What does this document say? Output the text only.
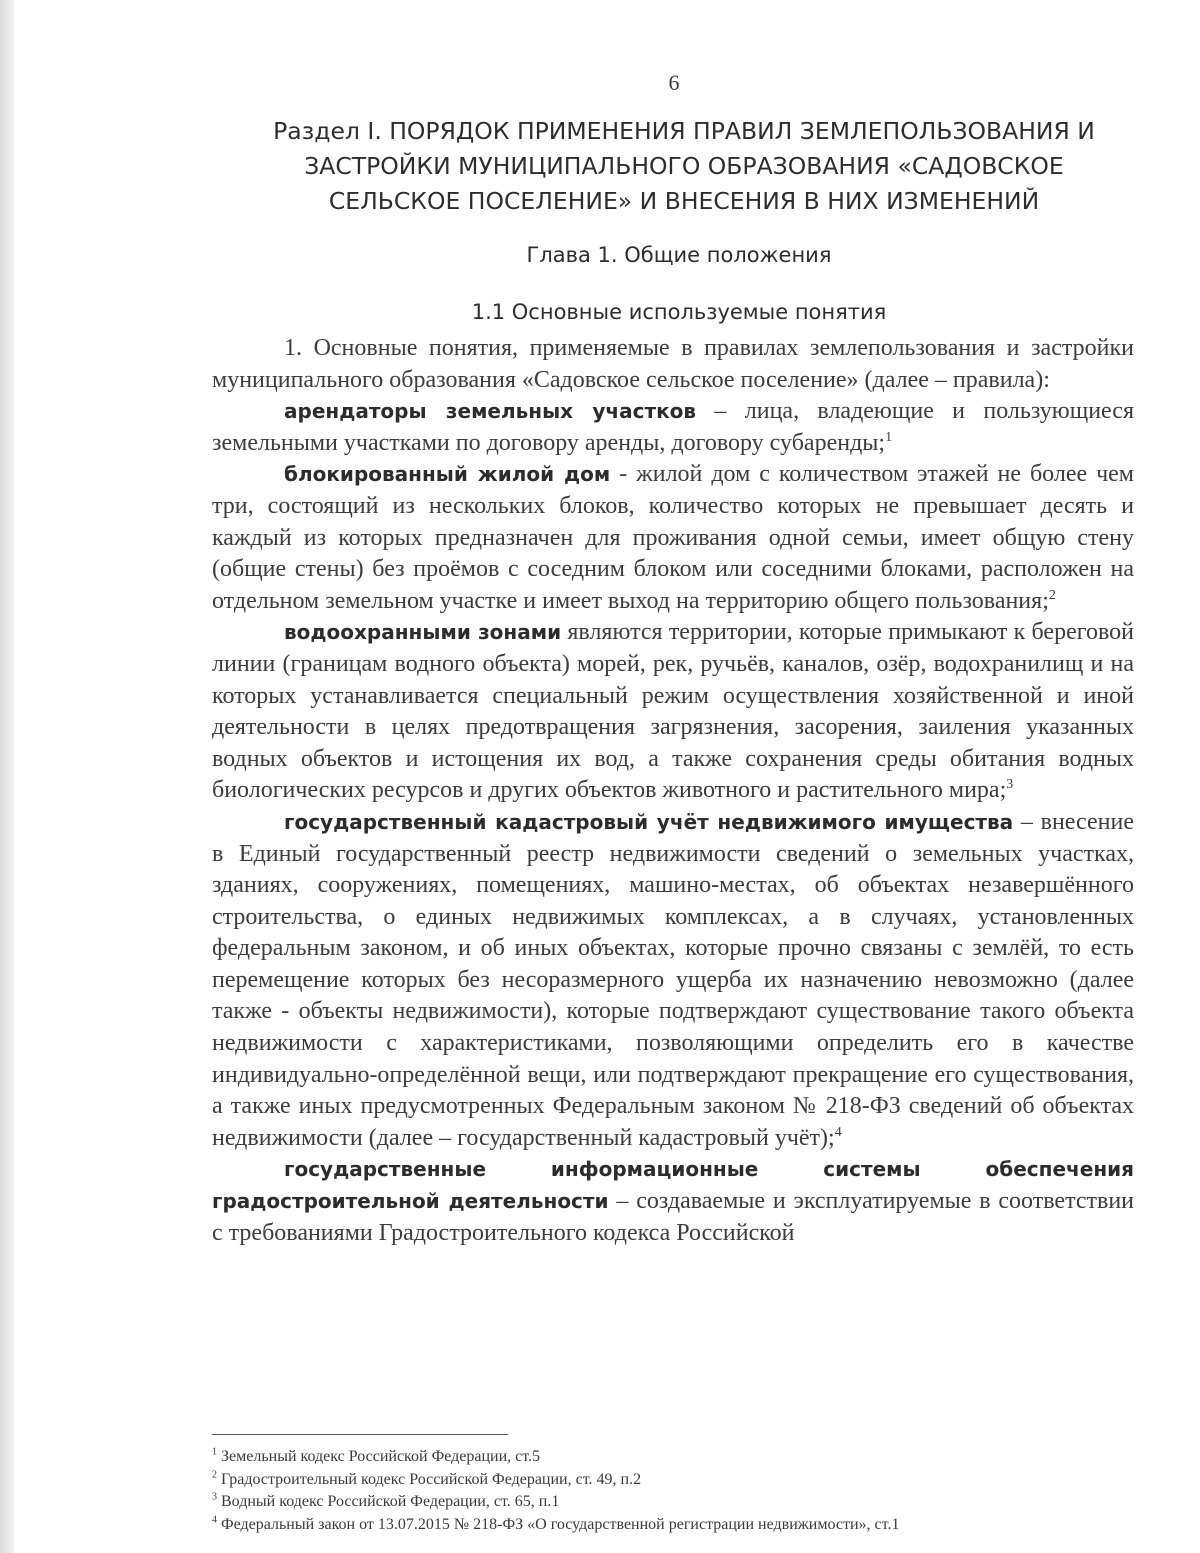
6
Раздел I. ПОРЯДОК ПРИМЕНЕНИЯ ПРАВИЛ ЗЕМЛЕПОЛЬЗОВАНИЯ И
ЗАСТРОЙКИ МУНИЦИПАЛЬНОГО ОБРАЗОВАНИЯ «САДОВСКОЕ
СЕЛЬСКОЕ ПОСЕЛЕНИЕ» И ВНЕСЕНИЯ В НИХ ИЗМЕНЕНИЙ
Глава 1. Общие положения
1.1 Основные используемые понятия

1. Основные понятия, применяемые в правилах землепользования и застройки муниципального образования «Садовское сельское поселение» (далее – правила):

арендаторы земельных участков – лица, владеющие и пользующиеся земельными участками по договору аренды, договору субаренды;$^1$

блокированный жилой дом - жилой дом с количеством этажей не более чем три, состоящий из нескольких блоков, количество которых не превышает десять и каждый из которых предназначен для проживания одной семьи, имеет общую стену (общие стены) без проёмов с соседним блоком или соседними блоками, расположен на отдельном земельном участке и имеет выход на территорию общего пользования;$^2$

водоохранными зонами являются территории, которые примыкают к береговой линии (границам водного объекта) морей, рек, ручьёв, каналов, озёр, водохранилищ и на которых устанавливается специальный режим осуществления хозяйственной и иной деятельности в целях предотвращения загрязнения, засорения, заиления указанных водных объектов и истощения их вод, а также сохранения среды обитания водных биологических ресурсов и других объектов животного и растительного мира;$^3$

государственный кадастровый учёт недвижимого имущества – внесение в Единый государственный реестр недвижимости сведений о земельных участках, зданиях, сооружениях, помещениях, машино-местах, об объектах незавершённого строительства, о единых недвижимых комплексах, а в случаях, установленных федеральным законом, и об иных объектах, которые прочно связаны с землёй, то есть перемещение которых без несоразмерного ущерба их назначению невозможно (далее также - объекты недвижимости), которые подтверждают существование такого объекта недвижимости с характеристиками, позволяющими определить его в качестве индивидуально-определённой вещи, или подтверждают прекращение его существования, а также иных предусмотренных Федеральным законом № 218-ФЗ сведений об объектах недвижимости (далее – государственный кадастровый учёт);$^4$

государственные информационные системы обеспечения градостроительной деятельности – создаваемые и эксплуатируемые в соответствии с требованиями Градостроительного кодекса Российской

$^1$ Земельный кодекс Российской Федерации, ст.5
$^2$ Градостроительный кодекс Российской Федерации, ст. 49, п.2
$^3$ Водный кодекс Российской Федерации, ст. 65, п.1
$^4$ Федеральный закон от 13.07.2015 № 218-ФЗ «О государственной регистрации недвижимости», ст.1
